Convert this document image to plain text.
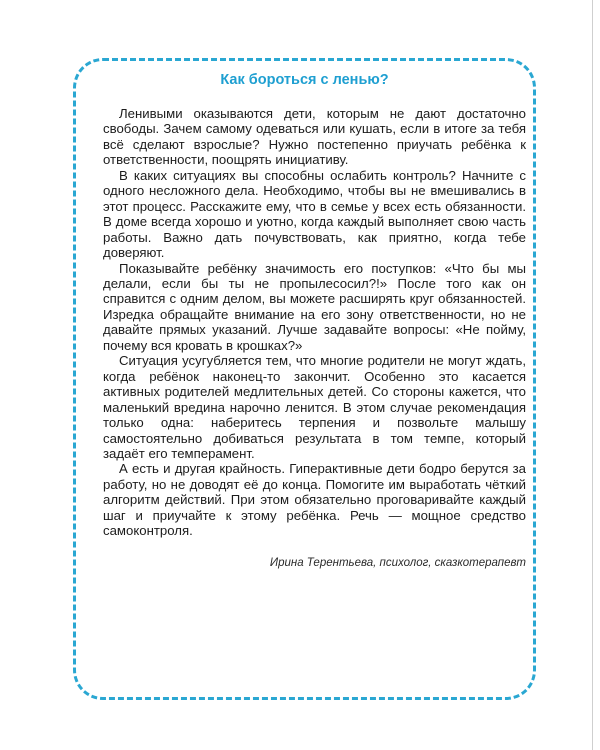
Как бороться с ленью?

Ленивыми оказываются дети, которым не дают достаточно свободы. Зачем самому одеваться или кушать, если в итоге за тебя всё сделают взрослые? Нужно постепенно приучать ребёнка к ответственности, поощрять инициативу.

В каких ситуациях вы способны ослабить контроль? Начните с одного несложного дела. Необходимо, чтобы вы не вмешивались в этот процесс. Расскажите ему, что в семье у всех есть обязанности. В доме всегда хорошо и уютно, когда каждый выполняет свою часть работы. Важно дать почувствовать, как приятно, когда тебе доверяют.

Показывайте ребёнку значимость его поступков: «Что бы мы делали, если бы ты не пропылесосил?!» После того как он справится с одним делом, вы можете расширять круг обязанностей. Изредка обращайте внимание на его зону ответственности, но не давайте прямых указаний. Лучше задавайте вопросы: «Не пойму, почему вся кровать в крошках?»

Ситуация усугубляется тем, что многие родители не могут ждать, когда ребёнок наконец-то закончит. Особенно это касается активных родителей медлительных детей. Со стороны кажется, что маленький вредина нарочно ленится. В этом случае рекомендация только одна: наберитесь терпения и позвольте малышу самостоятельно добиваться результата в том темпе, который задаёт его темперамент.

А есть и другая крайность. Гиперактивные дети бодро берутся за работу, но не доводят её до конца. Помогите им выработать чёткий алгоритм действий. При этом обязательно проговаривайте каждый шаг и приучайте к этому ребёнка. Речь — мощное средство самоконтроля.

Ирина Терентьева, психолог, сказкотерапевт
